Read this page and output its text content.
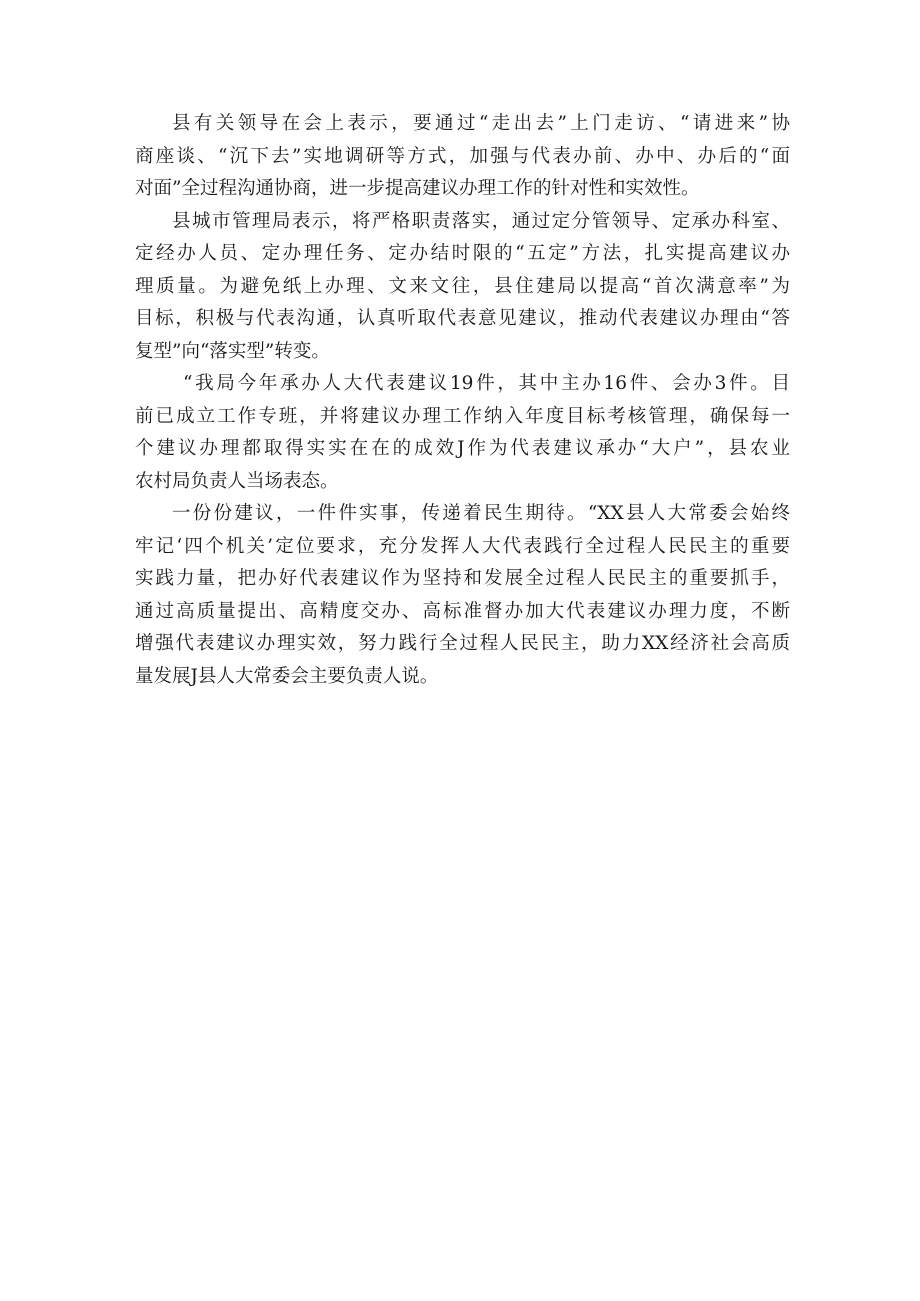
县有关领导在会上表示，要通过“走出去”上门走访、“请进来”协
商座谈、“沉下去”实地调研等方式，加强与代表办前、办中、办后的“面
对面”全过程沟通协商，进一步提高建议办理工作的针对性和实效性。
县城市管理局表示，将严格职责落实，通过定分管领导、定承办科室、
定经办人员、定办理任务、定办结时限的“五定”方法，扎实提高建议办
理质量。为避免纸上办理、文来文往，县住建局以提高“首次满意率”为
目标，积极与代表沟通，认真听取代表意见建议，推动代表建议办理由“答
复型”向“落实型”转变。
“我局今年承办人大代表建议19件，其中主办16件、会办3件。目
前已成立工作专班，并将建议办理工作纳入年度目标考核管理，确保每一
个建议办理都取得实实在在的成效J作为代表建议承办“大户”，县农业
农村局负责人当场表态。
一份份建议，一件件实事，传递着民生期待。“XX县人大常委会始终
牢记‘四个机关’定位要求，充分发挥人大代表践行全过程人民民主的重要
实践力量，把办好代表建议作为坚持和发展全过程人民民主的重要抓手，
通过高质量提出、高精度交办、高标准督办加大代表建议办理力度，不断
增强代表建议办理实效，努力践行全过程人民民主，助力XX经济社会高质
量发展J县人大常委会主要负责人说。
